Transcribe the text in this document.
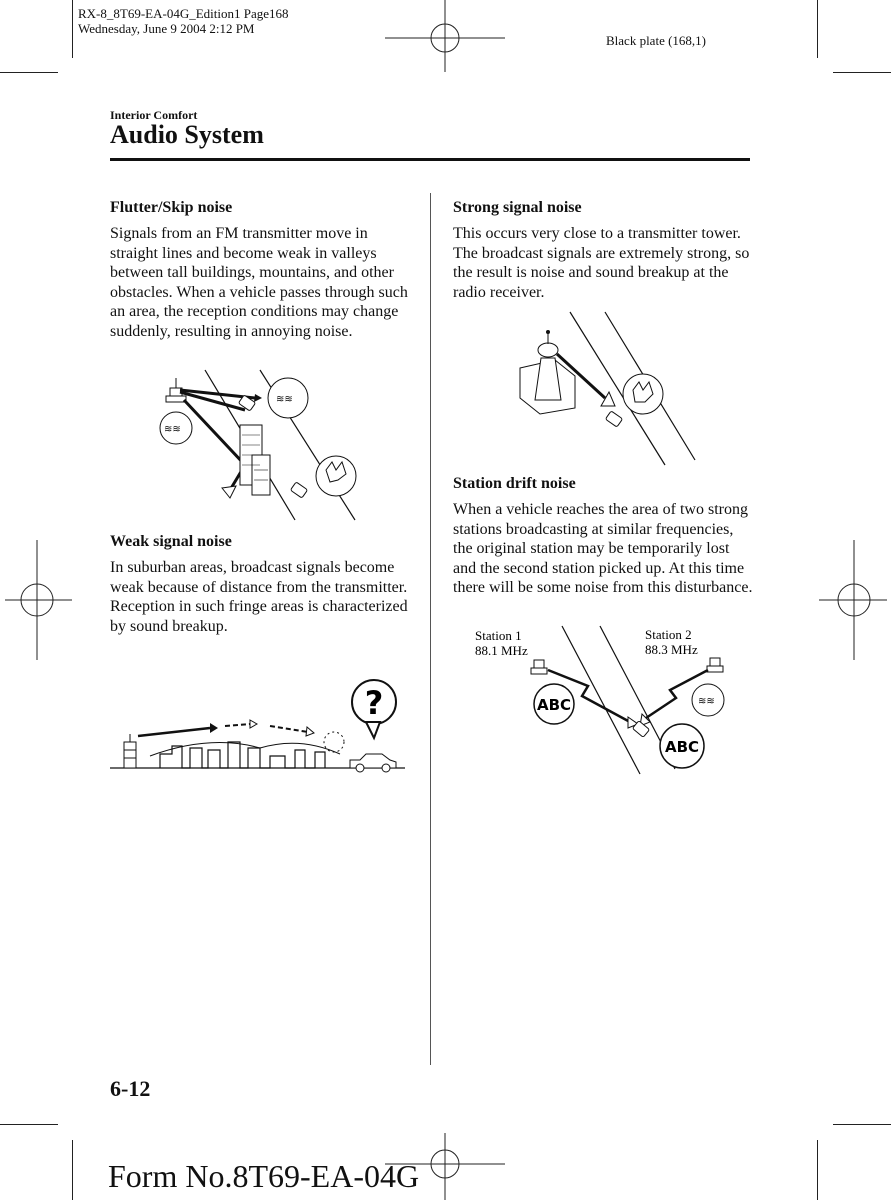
RX-8_8T69-EA-04G_Edition1 Page168
Wednesday, June 9 2004 2:12 PM
Black plate (168,1)
Interior Comfort
Audio System
Flutter/Skip noise

Signals from an FM transmitter move in straight lines and become weak in valleys between tall buildings, mountains, and other obstacles. When a vehicle passes through such an area, the reception conditions may change suddenly, resulting in annoying noise.

≋≋
≋≋
Weak signal noise

In suburban areas, broadcast signals become weak because of distance from the transmitter. Reception in such fringe areas is characterized by sound breakup.

?
Strong signal noise

This occurs very close to a transmitter tower. The broadcast signals are extremely strong, so the result is noise and sound breakup at the radio receiver.

Station drift noise

When a vehicle reaches the area of two strong stations broadcasting at similar frequencies, the original station may be temporarily lost and the second station picked up. At this time there will be some noise from this disturbance.

Station 1
88.1 MHz
Station 2
88.3 MHz
ABC	≋≋
ABC
6-12
Form No.8T69-EA-04G
